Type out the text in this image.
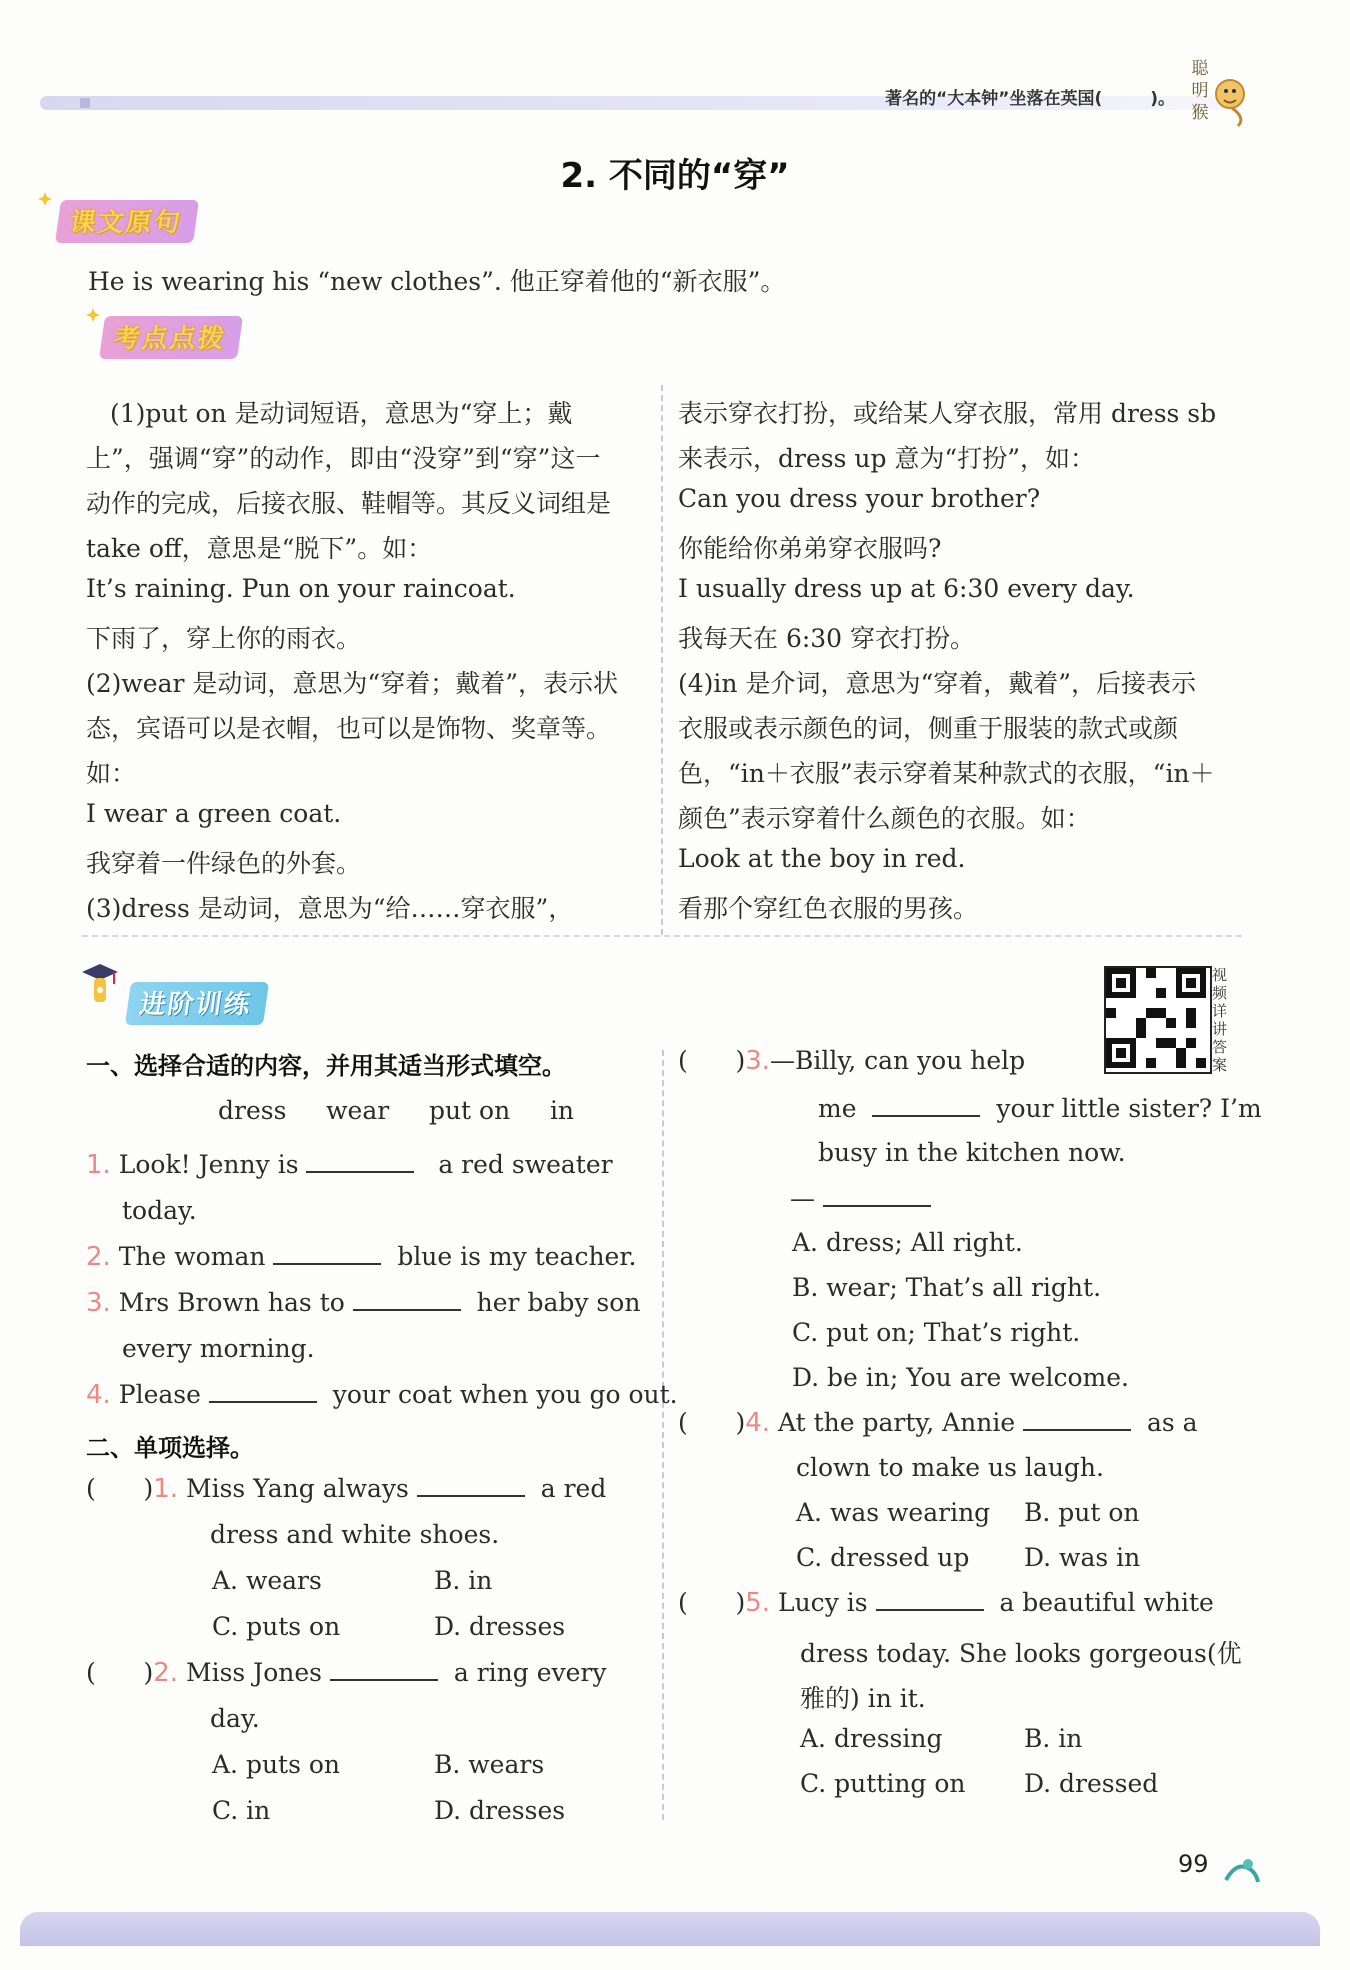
著名的“大本钟”坐落在英国(	)。
聪
明
猴
2. 不同的“穿”
课文原句
He is wearing his “new clothes”. 他正穿着他的“新衣服”。
考点点拨
(1)put on 是动词短语，意思为“穿上；戴
上”，强调“穿”的动作，即由“没穿”到“穿”这一
动作的完成，后接衣服、鞋帽等。其反义词组是
take off，意思是“脱下”。如：
It’s raining. Pun on your raincoat.
下雨了，穿上你的雨衣。
(2)wear 是动词，意思为“穿着；戴着”，表示状
态，宾语可以是衣帽，也可以是饰物、奖章等。
如：
I wear a green coat.
我穿着一件绿色的外套。
(3)dress 是动词，意思为“给……穿衣服”，
表示穿衣打扮，或给某人穿衣服，常用 dress sb
来表示，dress up 意为“打扮”，如：
Can you dress your brother?
你能给你弟弟穿衣服吗?
I usually dress up at 6:30 every day.
我每天在 6:30 穿衣打扮。
(4)in 是介词，意思为“穿着，戴着”，后接表示
衣服或表示颜色的词，侧重于服装的款式或颜
色，“in＋衣服”表示穿着某种款式的衣服，“in＋
颜色”表示穿着什么颜色的衣服。如：
Look at the boy in red.
看那个穿红色衣服的男孩。
进阶训练
视
频
详
讲
答
案
一、选择合适的内容，并用其适当形式填空。
dress wear put on in
1. Look! Jenny is	a red sweater
today.
2. The woman	blue is my teacher.
3. Mrs Brown has to	her baby son
every morning.
4. Please	your coat when you go out.
二、单项选择。
( )1. Miss Yang always	a red
dress and white shoes.
A. wears	B. in
C. puts on	D. dresses
( )2. Miss Jones	a ring every
day.
A. puts on	B. wears
C. in	D. dresses
( )3.—Billy, can you help
me	your little sister? I’m
busy in the kitchen now.
—
A. dress; All right.
B. wear; That’s all right.
C. put on; That’s right.
D. be in; You are welcome.
( )4. At the party, Annie	as a
clown to make us laugh.
A. was wearing B. put on
C. dressed up D. was in
( )5. Lucy is	a beautiful white
dress today. She looks gorgeous(优
雅的) in it.
A. dressing	B. in
C. putting on D. dressed
99
